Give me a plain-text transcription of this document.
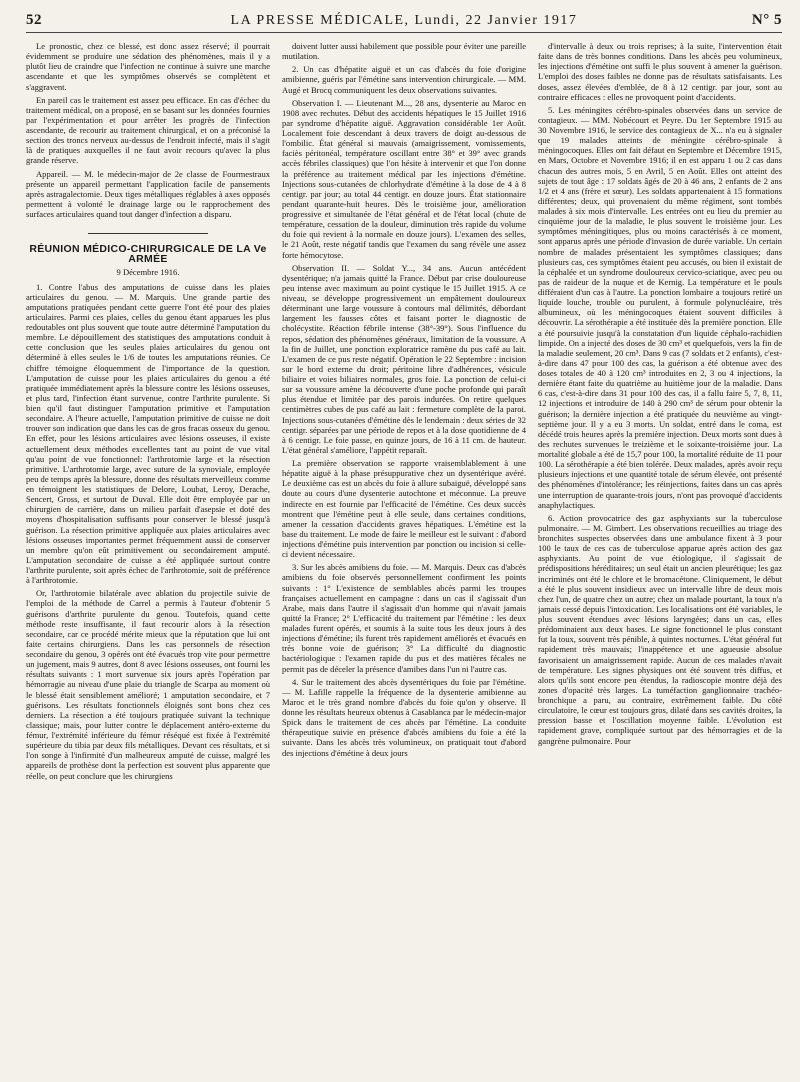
52	LA PRESSE MÉDICALE, Lundi, 22 Janvier 1917	N° 5

Le pronostic, chez ce blessé, est donc assez réservé; il pourrait évidemment se produire une sédation des phénomènes, mais il y a plutôt lieu de craindre que l'infection ne continue à suivre une marche ascendante et que les symptômes observés se complètent et s'aggravent.

En pareil cas le traitement est assez peu efficace. En cas d'échec du traitement médical, on a proposé, en se basant sur les données fournies par l'expérimentation et pour arrêter les progrès de l'infection ascendante, de recourir au traitement chirurgical, et on a préconisé la section des troncs nerveux au-dessus de l'endroit infecté, mais il s'agit là de pratiques auxquelles il ne faut avoir recours qu'avec la plus grande réserve.

Appareil. — M. le médecin-major de 2e classe de Fourmestraux présente un appareil permettant l'application facile de pansements après astragalectomie. Deux tiges métalliques réglables à axes opposés permettent à volonté le drainage large ou le rapprochement des surfaces articulaires quand tout danger d'infection a disparu.

RÉUNION MÉDICO-CHIRURGICALE DE LA Ve ARMÉE
9 Décembre 1916.

1. Contre l'abus des amputations de cuisse dans les plaies articulaires du genou. — M. Marquis. Une grande partie des amputations pratiquées pendant cette guerre l'ont été pour des plaies articulaires. Parmi ces plaies, celles du genou étant apparues les plus redoutables ont plus souvent que toute autre déterminé l'amputation du membre. Le dépouillement des statistiques des amputations conduit à cette conclusion que les seules plaies articulaires du genou ont déterminé à elles seules le 1/6 de toutes les amputations réunies. Ce chiffre témoigne éloquemment de l'importance de la question. L'amputation de cuisse pour les plaies articulaires du genou a été pratiquée immédiatement après la blessure contre les lésions osseuses, et plus tard, l'infection étant survenue, contre l'arthrite purulente. Si bien qu'il faut distinguer l'amputation primitive et l'amputation secondaire. A l'heure actuelle, l'amputation primitive de cuisse ne doit trouver son indication que dans les cas de gros fracas osseux du genou. En effet, pour les lésions articulaires avec lésions osseuses, il existe actuellement deux méthodes excellentes tant au point de vue vital qu'au point de vue fonctionnel: l'arthrotomie large et la résection primitive. L'arthrotomie large, avec suture de la synoviale, employée peu de temps après la blessure, donne des résultats merveilleux comme en témoignent les statistiques de Delore, Loubat, Leroy, Derache, Sencert, Gross, et surtout de Duval. Elle doit être employée par un chirurgien de carrière, dans un milieu parfait d'asepsie et doté des moyens d'hospitalisation suffisants pour conserver le blessé jusqu'à guérison. La résection primitive appliquée aux plaies articulaires avec lésions osseuses importantes permet fréquemment aussi de conserver un membre qu'on eût primitivement ou secondairement amputé. L'amputation secondaire de cuisse a été appliquée surtout contre l'arthrite purulente, soit après échec de l'arthrotomie, soit de préférence à l'arthrotomie.

Or, l'arthrotomie bilatérale avec ablation du projectile suivie de l'emploi de la méthode de Carrel a permis à l'auteur d'obtenir 5 guérisons d'arthrite purulente du genou. Toutefois, quand cette méthode reste insuffisante, il faut recourir alors à la résection secondaire, car ce procédé mérite mieux que la réputation que lui ont faite certains chirurgiens. Dans les cas personnels de résection secondaire du genou, 3 opérés ont été évacués trop vite pour permettre un jugement, mais 9 autres, dont 8 avec lésions osseuses, ont fourni les résultats suivants : 1 mort survenue six jours après l'opération par hémorragie au niveau d'une plaie du triangle de Scarpa au moment où le blessé était sensiblement amélioré; 1 amputation secondaire, et 7 guérisons. Les résultats fonctionnels éloignés sont bons chez ces derniers. La résection a été toujours pratiquée suivant la technique classique; mais, pour lutter contre le déplacement antéro-externe du fémur, l'extrémité inférieure du fémur réséqué est fixée à l'extrémité supérieure du tibia par deux fils métalliques. Devant ces résultats, et si l'on songe à l'infirmité d'un malheureux amputé de cuisse, malgré les appareils de prothèse dont la perfection est souvent plus apparente que réelle, on peut conclure que les chirurgiens

doivent lutter aussi habilement que possible pour éviter une pareille mutilation.

2. Un cas d'hépatite aiguë et un cas d'abcès du foie d'origine amibienne, guéris par l'émétine sans intervention chirurgicale. — MM. Augé et Brocq communiquent les deux observations suivantes.

Observation I. — Lieutenant M..., 28 ans, dysenterie au Maroc en 1908 avec rechutes. Début des accidents hépatiques le 15 Juillet 1916 par syndrome d'hépatite aiguë. Aggravation considérable 1er Août. Localement foie descendant à deux travers de doigt au-dessous de l'ombilic. État général si mauvais (amaigrissement, vomissements, faciès péritonéal, température oscillant entre 38° et 39° avec grands accès fébriles classiques) que l'on hésite à intervenir et que l'on donne la préférence au traitement médical par les injections d'émétine. Injections sous-cutanées de chlorhydrate d'émétine à la dose de 4 à 8 centigr. par jour; au total 44 centigr. en douze jours. État stationnaire pendant quarante-huit heures. Dès le troisième jour, amélioration progressive et simultanée de l'état général et de l'état local (chute de température, cessation de la douleur, diminution très rapide du volume du foie qui revient à la normale en douze jours). L'examen des selles, le 21 Août, reste négatif tandis que l'examen du sang révèle une assez forte hémocytose.

Observation II. — Soldat Y..., 34 ans. Aucun antécédent dysentérique; n'a jamais quitté la France. Début par crise douloureuse peu intense avec maximum au point cystique le 15 Juillet 1915. A ce niveau, se développe progressivement un empâtement douloureux déterminant une large voussure à contours mal délimités, débordant largement les fausses côtes et faisant porter le diagnostic de cholécystite. Réaction fébrile intense (38°-39°). Sous l'influence du repos, sédation des phénomènes généraux, limitation de la voussure. A la fin de Juillet, une ponction exploratrice ramène du pus café au lait. L'examen de ce pus reste négatif. Opération le 22 Septembre : incision sur le bord externe du droit; péritoine libre d'adhérences, vésicule biliaire et voies biliaires normales, gros foie. La ponction de celui-ci sur sa voussure amène la découverte d'une poche profonde qui paraît plus étendue et limitée par des parois indurées. On retire quelques centimètres cubes de pus café au lait : fermeture complète de la paroi. Injections sous-cutanées d'émétine dès le lendemain : deux séries de 32 centigr. séparées par une période de repos et à la dose quotidienne de 4 à 6 centigr. Le foie passe, en quinze jours, de 16 à 11 cm. de hauteur. L'état général s'améliore, l'appétit reparaît.

La première observation se rapporte vraisemblablement à une hépatite aiguë à la phase présuppurative chez un dysentérique avéré. Le deuxième cas est un abcès du foie à allure subaiguë, développé sans doute au cours d'une dysenterie autochtone et méconnue. La preuve indirecte en est fournie par l'efficacité de l'émétine. Ces deux succès montrent que l'émétine peut à elle seule, dans certaines conditions, amener la cessation d'accidents graves hépatiques. L'émétine est la base du traitement. Le mode de faire le meilleur est le suivant : d'abord injections d'émétine puis intervention par ponction ou incision si celle-ci devient nécessaire.

3. Sur les abcès amibiens du foie. — M. Marquis. Deux cas d'abcès amibiens du foie observés personnellement confirment les points suivants : 1° L'existence de semblables abcès parmi les troupes françaises actuellement en campagne : dans un cas il s'agissait d'un Arabe, mais dans l'autre il s'agissait d'un homme qui n'avait jamais quitté la France; 2° L'efficacité du traitement par l'émétine : les deux malades furent opérés, et soumis à la suite tous les deux jours à des injections d'émétine; ils furent très rapidement améliorés et évacués en très bonne voie de guérison; 3° La difficulté du diagnostic bactériologique : l'examen rapide du pus et des matières fécales ne permit pas de déceler la présence d'amibes dans l'un ni l'autre cas.

4. Sur le traitement des abcès dysentériques du foie par l'émétine. — M. Lafille rappelle la fréquence de la dysenterie amibienne au Maroc et le très grand nombre d'abcès du foie qu'on y observe. Il donne les résultats heureux obtenus à Casablanca par le médecin-major Spick dans le traitement de ces abcès par l'émétine. La conduite thérapeutique suivie en présence d'abcès amibiens du foie a été la suivante. Dans les abcès très volumineux, on pratiquait tout d'abord des injections d'émétine à deux jours

d'intervalle à deux ou trois reprises; à la suite, l'intervention était faite dans de très bonnes conditions. Dans les abcès peu volumineux, les injections d'émétine ont suffi le plus souvent à amener la guérison. L'emploi des doses faibles ne donne pas de résultats satisfaisants. Les doses, assez élevées d'emblée, de 8 à 12 centigr. par jour, sont au contraire efficaces : elles ne provoquent point d'accidents.

5. Les méningites cérébro-spinales observées dans un service de contagieux. — MM. Nobécourt et Peyre. Du 1er Septembre 1915 au 30 Novembre 1916, le service des contagieux de X... n'a eu à signaler que 19 malades atteints de méningite cérébro-spinale à méningocoques. Elles ont fait défaut en Septembre et Décembre 1915, en Mars, Octobre et Novembre 1916; il en est apparu 1 ou 2 cas dans chacun des autres mois, 5 en Avril, 5 en Août. Elles ont atteint des sujets de tout âge : 17 soldats âgés de 20 à 46 ans, 2 enfants de 2 ans 1/2 et 4 ans (frère et sœur). Les soldats appartenaient à 15 formations différentes; deux, qui provenaient du même régiment, sont tombés malades à six mois d'intervalle. Les entrées ont eu lieu du premier au cinquième jour de la maladie, le plus souvent le troisième jour. Les symptômes méningitiques, plus ou moins caractérisés à ce moment, sont apparus après une période d'invasion de durée variable. Un certain nombre de malades présentaient les symptômes classiques; dans plusieurs cas, ces symptômes étaient peu accusés, ou bien il existait de la céphalée et un syndrome douloureux cervico-sciatique, avec peu ou pas de raideur de la nuque et de Kernig. La température et le pouls différaient d'un cas à l'autre. La ponction lombaire a toujours retiré un liquide louche, trouble ou purulent, à formule polynucléaire, très albumineux, où les méningocoques étaient souvent difficiles à découvrir. La sérothérapie a été instituée dès la première ponction. Elle a été poursuivie jusqu'à la constatation d'un liquide céphalo-rachidien limpide. On a injecté des doses de 30 cm³ et quelquefois, vers la fin de la maladie seulement, 20 cm³. Dans 9 cas (7 soldats et 2 enfants), c'est-à-dire dans 47 pour 100 des cas, la guérison a été obtenue avec des doses totales de 40 à 120 cm³ introduites en 2, 3 ou 4 injections, la dernière étant faite du quatrième au huitième jour de la maladie. Dans 6 cas, c'est-à-dire dans 31 pour 100 des cas, il a fallu faire 5, 7, 8, 11, 12 injections et introduire de 140 à 290 cm³ de sérum pour obtenir la guérison; la dernière injection a été pratiquée du neuvième au vingt-septième jour. Il y a eu 3 morts. Un soldat, entré dans le coma, est décédé trois heures après la première injection. Deux morts sont dues à des rechutes survenues le treizième et le soixante-troisième jour. La mortalité globale a été de 15,7 pour 100, la mortalité réduite de 11 pour 100. La sérothérapie a été bien tolérée. Deux malades, après avoir reçu plusieurs injections et une quantité totale de sérum élevée, ont présenté des phénomènes d'intolérance; les réinjections, faites dans un cas après une interruption de quarante-trois jours, n'ont pas provoqué d'accidents anaphylactiques.

6. Action provocatrice des gaz asphyxiants sur la tuberculose pulmonaire. — M. Gimbert. Les observations recueillies au triage des bronchites suspectes observées dans une ambulance fixent à 3 pour 100 le taux de ces cas de tuberculose apparue après action des gaz asphyxiants. Au point de vue étiologique, il s'agissait de prédispositions héréditaires; un seul était un ancien pleurétique; les gaz incriminés ont été le chlore et le bromacétone. Cliniquement, le début a été le plus souvent insidieux avec un intervalle libre de deux mois chez l'un, de quatre chez un autre; chez un malade pourtant, la toux n'a jamais cessé depuis l'intoxication. Les localisations ont été variables, le plus souvent étendues avec lésions laryngées; dans un cas, elles prédominaient aux deux bases. Le signe fonctionnel le plus constant fut la toux, souvent très pénible, à quintes nocturnes. L'état général fut rapidement très mauvais; l'inappétence et une agueusie absolue favorisaient un amaigrissement rapide. Aucun de ces malades n'avait de température. Les signes physiques ont été souvent très diffus, et alors qu'ils sont encore peu étendus, la radioscopie montre déjà des zones d'opacité très larges. La tuméfaction ganglionnaire trachéo-bronchique a paru, au contraire, extrêmement faible. Du côté circulatoire, le cœur est toujours gros, dilaté dans ses cavités droites, la pression basse et l'oscillation moyenne faible. L'évolution est rapidement grave, compliquée surtout par des hémorragies et de la gangrène pulmonaire. Pour
